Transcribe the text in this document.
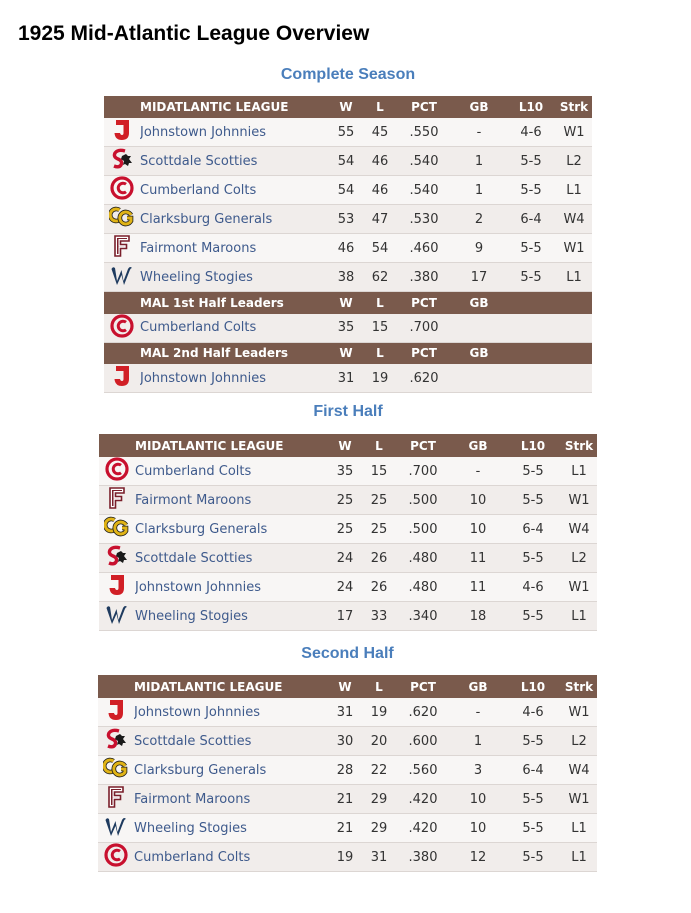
1925 Mid-Atlantic League Overview
Complete Season
	MIDATLANTIC LEAGUE	W	L	PCT	GB	L10	Strk
	Johnstown Johnnies	55	45	.550	-	4-6	W1
	Scottdale Scotties	54	46	.540	1	5-5	L2
	Cumberland Colts	54	46	.540	1	5-5	L1
	Clarksburg Generals	53	47	.530	2	6-4	W4
	Fairmont Maroons	46	54	.460	9	5-5	W1
	Wheeling Stogies	38	62	.380	17	5-5	L1
	MAL 1st Half Leaders	W	L	PCT	GB		
	Cumberland Colts	35	15	.700			
	MAL 2nd Half Leaders	W	L	PCT	GB		
	Johnstown Johnnies	31	19	.620			
First Half
	MIDATLANTIC LEAGUE	W	L	PCT	GB	L10	Strk
	Cumberland Colts	35	15	.700	-	5-5	L1
	Fairmont Maroons	25	25	.500	10	5-5	W1
	Clarksburg Generals	25	25	.500	10	6-4	W4
	Scottdale Scotties	24	26	.480	11	5-5	L2
	Johnstown Johnnies	24	26	.480	11	4-6	W1
	Wheeling Stogies	17	33	.340	18	5-5	L1
Second Half
	MIDATLANTIC LEAGUE	W	L	PCT	GB	L10	Strk
	Johnstown Johnnies	31	19	.620	-	4-6	W1
	Scottdale Scotties	30	20	.600	1	5-5	L2
	Clarksburg Generals	28	22	.560	3	6-4	W4
	Fairmont Maroons	21	29	.420	10	5-5	W1
	Wheeling Stogies	21	29	.420	10	5-5	L1
	Cumberland Colts	19	31	.380	12	5-5	L1
